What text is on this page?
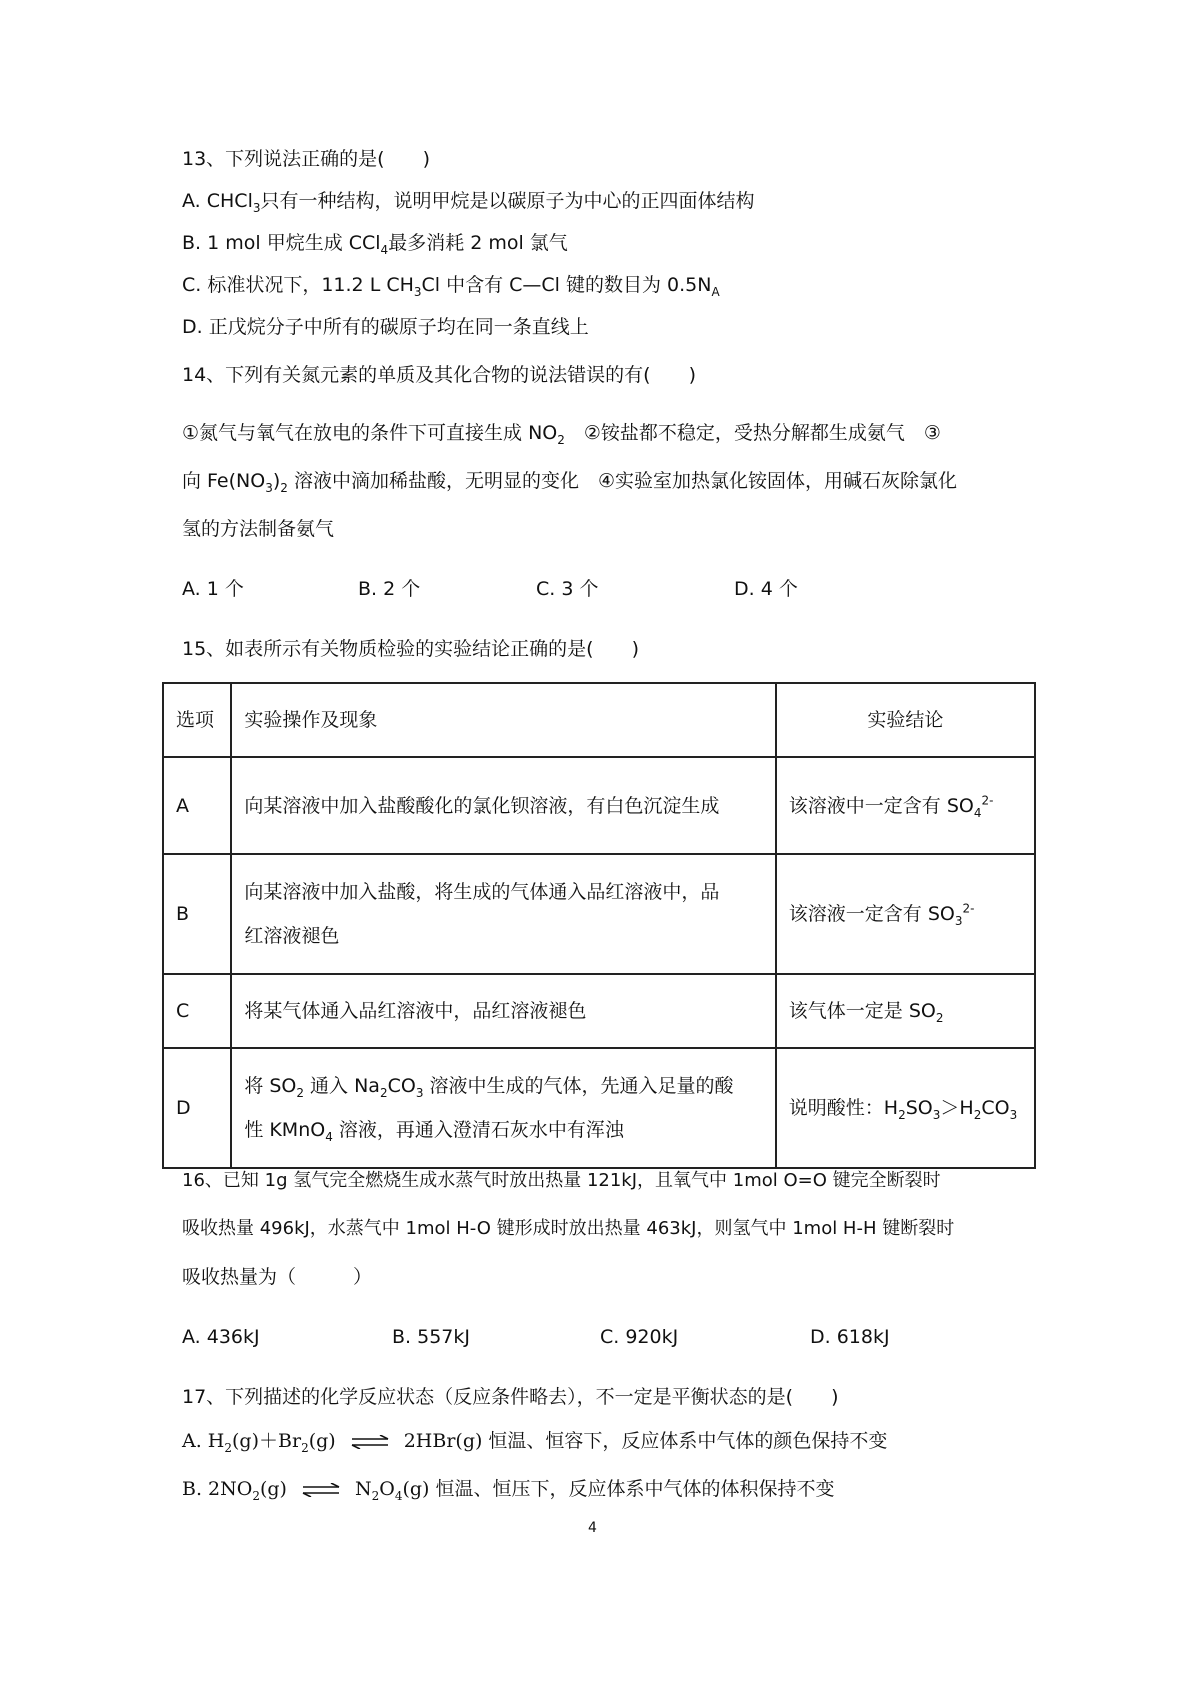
13、下列说法正确的是(　　)
A. CHCl$_3$只有一种结构，说明甲烷是以碳原子为中心的正四面体结构
B. 1 mol 甲烷生成 CCl$_4$最多消耗 2 mol 氯气
C. 标准状况下，11.2 L $CH_3Cl$ 中含有 C—Cl 键的数目为 $0.5N_A$
D. 正戊烷分子中所有的碳原子均在同一条直线上
14、下列有关氮元素的单质及其化合物的说法错误的有(　　)
①氮气与氧气在放电的条件下可直接生成 $NO_2$　②铵盐都不稳定，受热分解都生成氨气　③
向 $Fe(NO_3)_2$ 溶液中滴加稀盐酸，无明显的变化　④实验室加热氯化铵固体，用碱石灰除氯化
氢的方法制备氨气
A. 1 个	B. 2 个	C. 3 个	D. 4 个
15、如表所示有关物质检验的实验结论正确的是(　　)
选项	实验操作及现象	实验结论
A	向某溶液中加入盐酸酸化的氯化钡溶液，有白色沉淀生成	该溶液中一定含有 $SO_4^{2-}$
B	向某溶液中加入盐酸，将生成的气体通入品红溶液中，品
红溶液褪色	该溶液一定含有 $SO_3^{2-}$
C	将某气体通入品红溶液中，品红溶液褪色	该气体一定是 $SO_2$
D	将 $SO_2$ 通入 $Na_2CO_3$ 溶液中生成的气体，先通入足量的酸
性 KMnO$_4$ 溶液，再通入澄清石灰水中有浑浊	说明酸性：$H_2SO_3>H_2CO_3$
16、已知 1g 氢气完全燃烧生成水蒸气时放出热量 121kJ，且氧气中 1mol O=O 键完全断裂时
吸收热量 496kJ，水蒸气中 1mol H-O 键形成时放出热量 463kJ，则氢气中 1mol H-H 键断裂时
吸收热量为（　　　）
A. 436kJ	B. 557kJ	C. 920kJ	D. 618kJ
17、下列描述的化学反应状态（反应条件略去），不一定是平衡状态的是(　　)
A. $H_2(g)+Br_2(g)$ ⇌ 2HBr(g) 恒温、恒容下，反应体系中气体的颜色保持不变
B. $2NO_2(g)$ ⇌ $N_2O_4(g)$ 恒温、恒压下，反应体系中气体的体积保持不变
4
